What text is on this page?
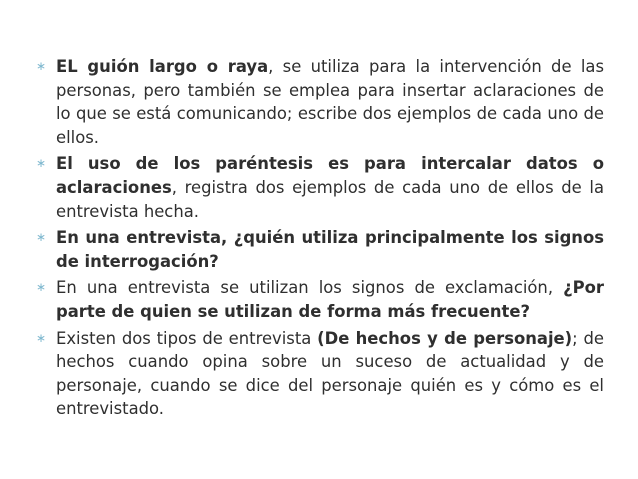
∗ EL guión largo o raya, se utiliza para la intervención de las personas, pero también se emplea para insertar aclaraciones de lo que se está comunicando; escribe dos ejemplos de cada uno de ellos.
∗ El uso de los paréntesis es para intercalar datos o aclaraciones, registra dos ejemplos de cada uno de ellos de la entrevista hecha.
∗ En una entrevista, ¿quién utiliza principalmente los signos de interrogación?
∗ En una entrevista se utilizan los signos de exclamación, ¿Por parte de quien se utilizan de forma más frecuente?
∗ Existen dos tipos de entrevista (De hechos y de personaje); de hechos cuando opina sobre un suceso de actualidad y de personaje, cuando se dice del personaje quién es y cómo es el entrevistado.
